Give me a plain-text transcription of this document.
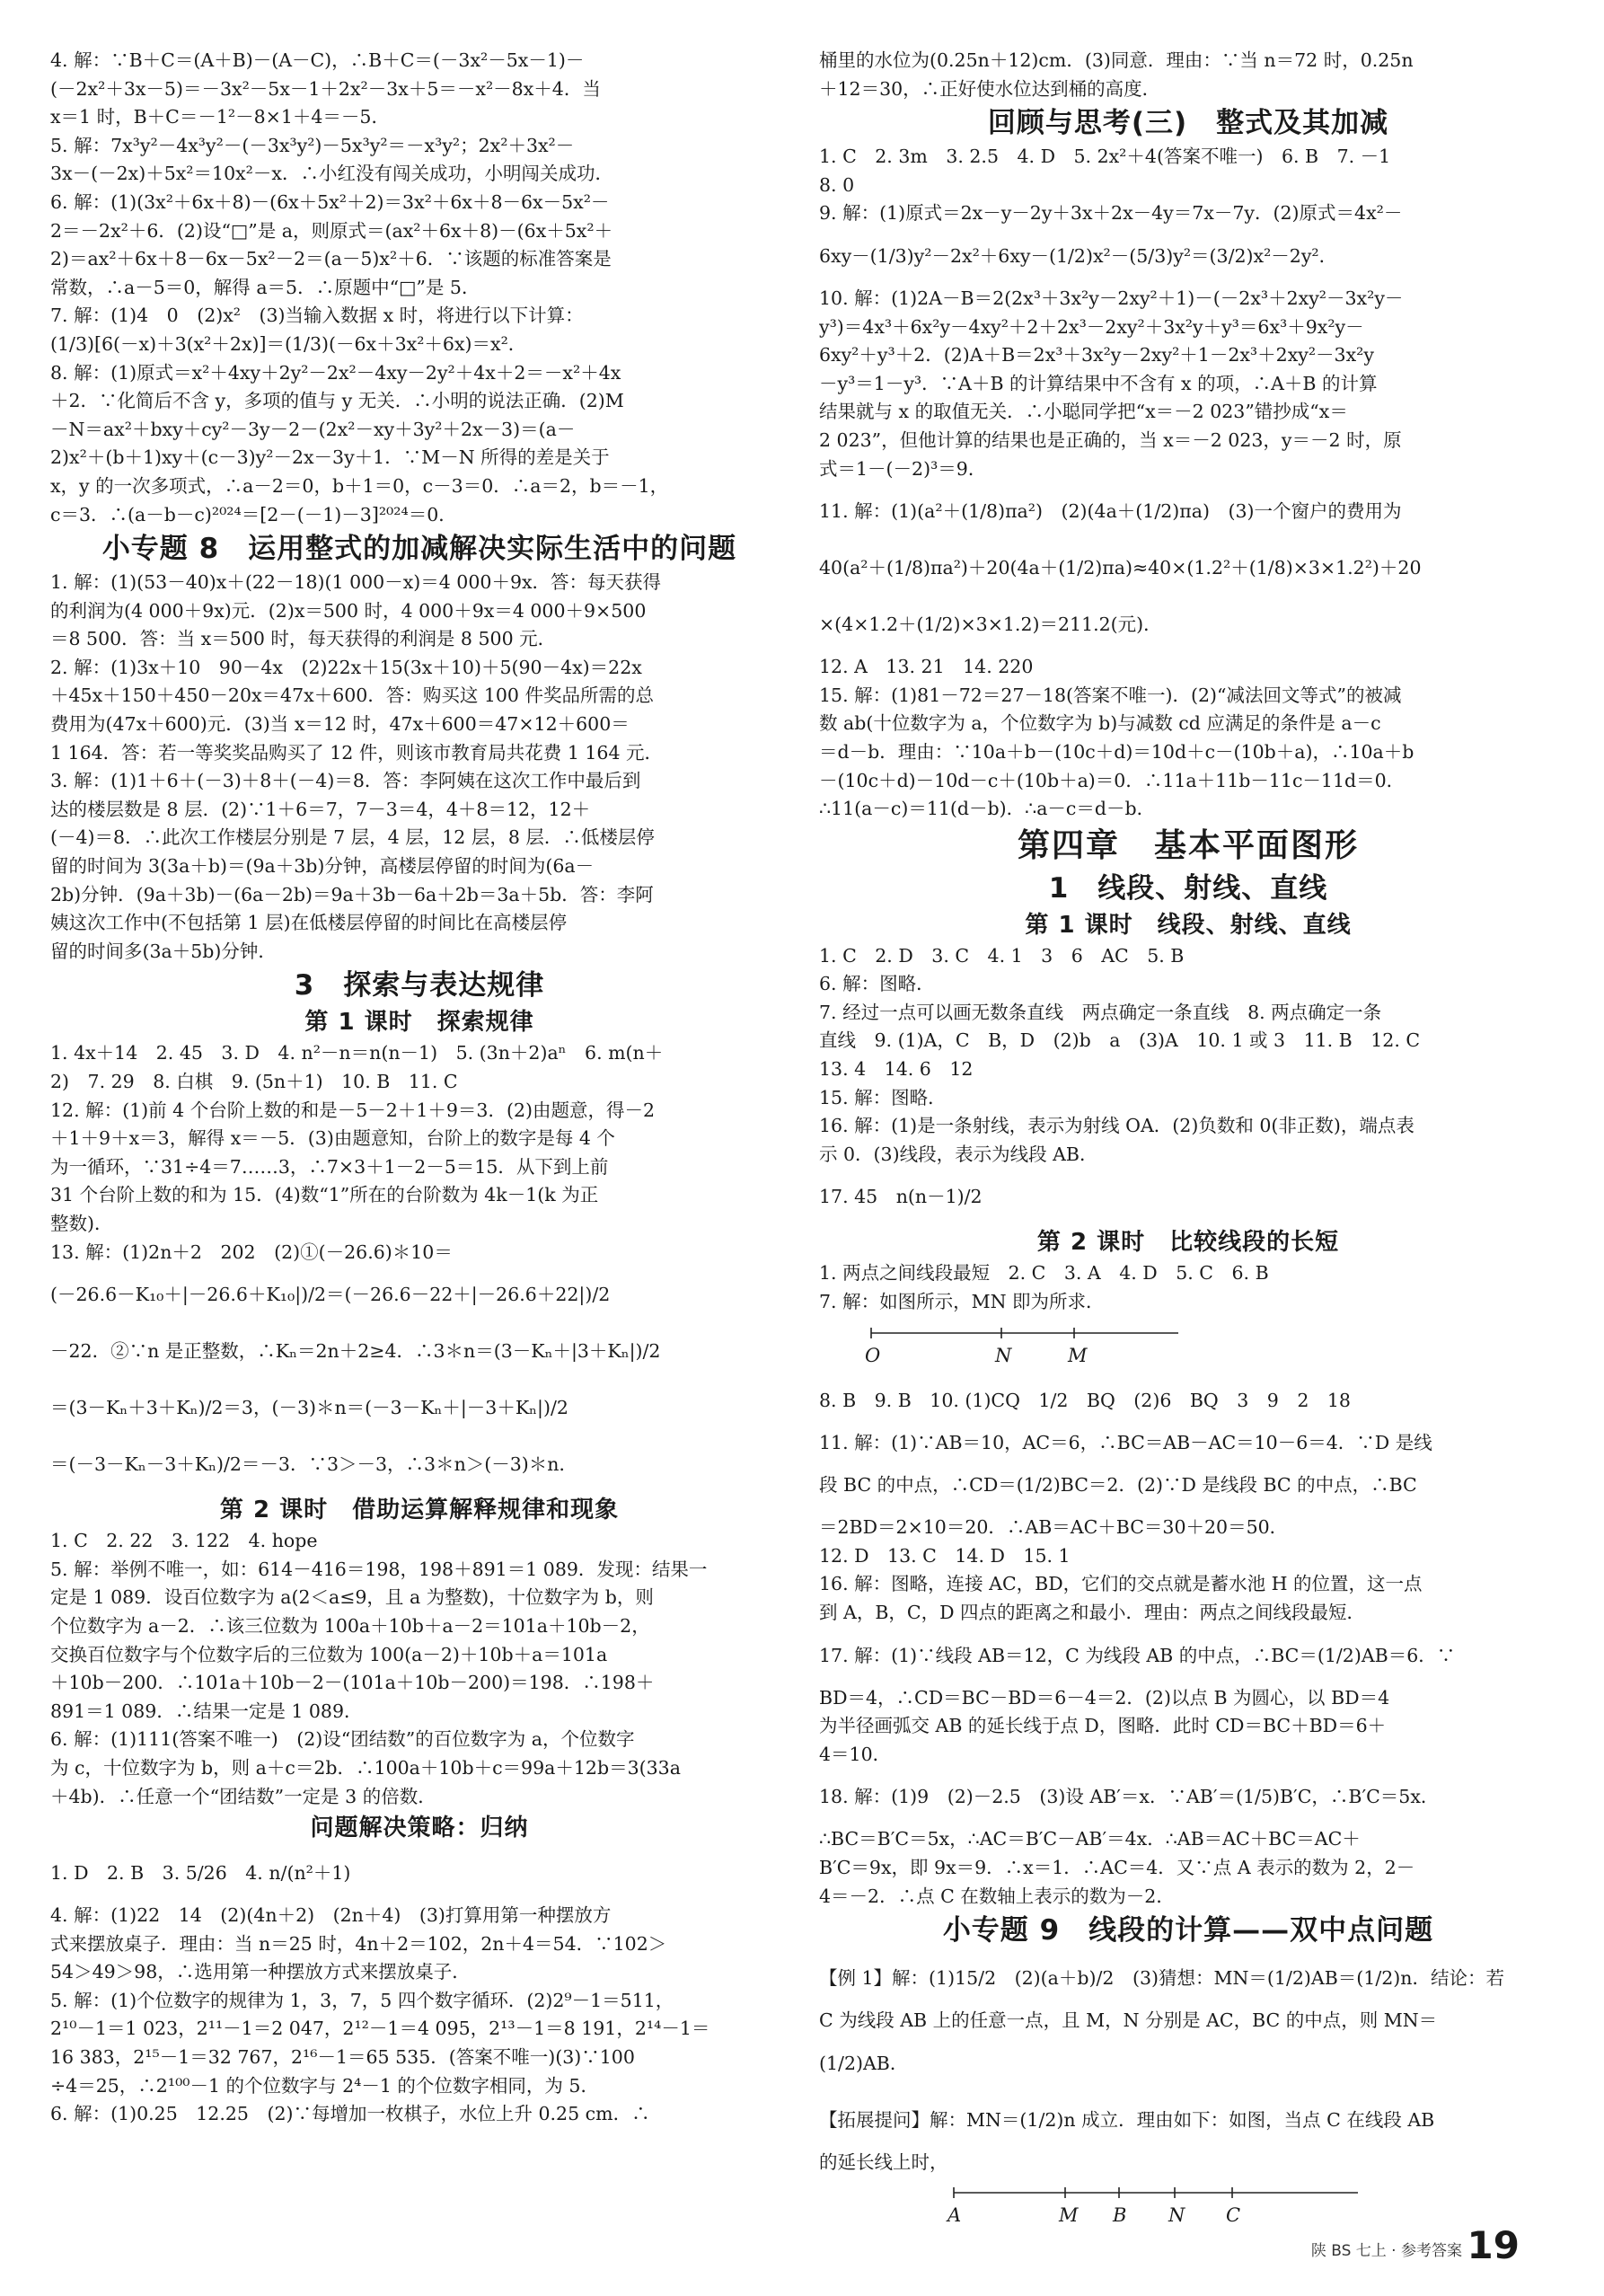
4. 解：∵B＋C＝(A＋B)－(A－C)，∴B＋C＝(－3x²－5x－1)－
(－2x²＋3x－5)＝－3x²－5x－1＋2x²－3x＋5＝－x²－8x＋4．当
x＝1 时，B＋C＝－1²－8×1＋4＝－5．
5. 解：7x³y²－4x³y²－(－3x³y²)－5x³y²＝－x³y²；2x²＋3x²－
3x－(－2x)＋5x²＝10x²－x．∴小红没有闯关成功，小明闯关成功．
6. 解：(1)(3x²＋6x＋8)－(6x＋5x²＋2)＝3x²＋6x＋8－6x－5x²－
2＝－2x²＋6．(2)设“□”是 a，则原式＝(ax²＋6x＋8)－(6x＋5x²＋
2)＝ax²＋6x＋8－6x－5x²－2＝(a－5)x²＋6．∵该题的标准答案是
常数，∴a－5＝0，解得 a＝5．∴原题中“□”是 5．
7. 解：(1)4　0　(2)x²　(3)当输入数据 x 时，将进行以下计算：
(1/3)[6(－x)＋3(x²＋2x)]＝(1/3)(－6x＋3x²＋6x)＝x²．
8. 解：(1)原式＝x²＋4xy＋2y²－2x²－4xy－2y²＋4x＋2＝－x²＋4x
＋2．∵化简后不含 y，多项的值与 y 无关．∴小明的说法正确．(2)M
－N＝ax²＋bxy＋cy²－3y－2－(2x²－xy＋3y²＋2x－3)＝(a－
2)x²＋(b＋1)xy＋(c－3)y²－2x－3y＋1．∵M－N 所得的差是关于
x，y 的一次多项式，∴a－2＝0，b＋1＝0，c－3＝0．∴a＝2，b＝－1，
c＝3．∴(a－b－c)²⁰²⁴＝[2－(－1)－3]²⁰²⁴＝0．
小专题 8　运用整式的加减解决实际生活中的问题
1. 解：(1)(53－40)x＋(22－18)(1 000－x)＝4 000＋9x．答：每天获得
的利润为(4 000＋9x)元．(2)x＝500 时，4 000＋9x＝4 000＋9×500
＝8 500．答：当 x＝500 时，每天获得的利润是 8 500 元．
2. 解：(1)3x＋10　90－4x　(2)22x＋15(3x＋10)＋5(90－4x)＝22x
＋45x＋150＋450－20x＝47x＋600．答：购买这 100 件奖品所需的总
费用为(47x＋600)元．(3)当 x＝12 时，47x＋600＝47×12＋600＝
1 164．答：若一等奖奖品购买了 12 件，则该市教育局共花费 1 164 元．
3. 解：(1)1＋6＋(－3)＋8＋(－4)＝8．答：李阿姨在这次工作中最后到
达的楼层数是 8 层．(2)∵1＋6＝7，7－3＝4，4＋8＝12，12＋
(－4)＝8．∴此次工作楼层分别是 7 层，4 层，12 层，8 层．∴低楼层停
留的时间为 3(3a＋b)＝(9a＋3b)分钟，高楼层停留的时间为(6a－
2b)分钟．(9a＋3b)－(6a－2b)＝9a＋3b－6a＋2b＝3a＋5b．答：李阿
姨这次工作中(不包括第 1 层)在低楼层停留的时间比在高楼层停
留的时间多(3a＋5b)分钟．
3　探索与表达规律
第 1 课时　探索规律
1. 4x＋14　2. 45　3. D　4. n²－n＝n(n－1)　5. (3n＋2)aⁿ　6. m(n＋
2)　7. 29　8. 白棋　9. (5n＋1)　10. B　11. C
12. 解：(1)前 4 个台阶上数的和是－5－2＋1＋9＝3．(2)由题意，得－2
＋1＋9＋x＝3，解得 x＝－5．(3)由题意知，台阶上的数字是每 4 个
为一循环，∵31÷4＝7……3，∴7×3＋1－2－5＝15．从下到上前
31 个台阶上数的和为 15．(4)数“1”所在的台阶数为 4k－1(k 为正
整数)．
13. 解：(1)2n＋2　202　(2)①(－26.6)＊10＝
(－26.6－K₁₀＋|－26.6＋K₁₀|)/2＝(－26.6－22＋|－26.6＋22|)/2
－22．②∵n 是正整数，∴Kₙ＝2n＋2≥4．∴3＊n＝(3－Kₙ＋|3＋Kₙ|)/2
＝(3－Kₙ＋3＋Kₙ)/2＝3，(－3)＊n＝(－3－Kₙ＋|－3＋Kₙ|)/2
＝(－3－Kₙ－3＋Kₙ)/2＝－3．∵3＞－3，∴3＊n＞(－3)＊n．
第 2 课时　借助运算解释规律和现象
1. C　2. 22　3. 122　4. hope
5. 解：举例不唯一，如：614－416＝198，198＋891＝1 089．发现：结果一
定是 1 089．设百位数字为 a(2＜a≤9，且 a 为整数)，十位数字为 b，则
个位数字为 a－2．∴该三位数为 100a＋10b＋a－2＝101a＋10b－2，
交换百位数字与个位数字后的三位数为 100(a－2)＋10b＋a＝101a
＋10b－200．∴101a＋10b－2－(101a＋10b－200)＝198．∴198＋
891＝1 089．∴结果一定是 1 089．
6. 解：(1)111(答案不唯一)　(2)设“团结数”的百位数字为 a，个位数字
为 c，十位数字为 b，则 a＋c＝2b．∴100a＋10b＋c＝99a＋12b＝3(33a
＋4b)．∴任意一个“团结数”一定是 3 的倍数．
问题解决策略：归纳
1. D　2. B　3. 5/26　4. n/(n²＋1)
4. 解：(1)22　14　(2)(4n＋2)　(2n＋4)　(3)打算用第一种摆放方
式来摆放桌子．理由：当 n＝25 时，4n＋2＝102，2n＋4＝54．∵102＞
54＞49＞98，∴选用第一种摆放方式来摆放桌子．
5. 解：(1)个位数字的规律为 1，3，7，5 四个数字循环．(2)2⁹－1＝511，
2¹⁰－1＝1 023，2¹¹－1＝2 047，2¹²－1＝4 095，2¹³－1＝8 191，2¹⁴－1＝
16 383，2¹⁵－1＝32 767，2¹⁶－1＝65 535．(答案不唯一)(3)∵100
÷4＝25，∴2¹⁰⁰－1 的个位数字与 2⁴－1 的个位数字相同，为 5．
6. 解：(1)0.25　12.25　(2)∵每增加一枚棋子，水位上升 0.25 cm．∴
桶里的水位为(0.25n＋12)cm．(3)同意．理由：∵当 n＝72 时，0.25n
＋12＝30，∴正好使水位达到桶的高度．
回顾与思考(三)　整式及其加减
1. C　2. 3m　3. 2.5　4. D　5. 2x²＋4(答案不唯一)　6. B　7. －1
8. 0
9. 解：(1)原式＝2x－y－2y＋3x＋2x－4y＝7x－7y．(2)原式＝4x²－
6xy－(1/3)y²－2x²＋6xy－(1/2)x²－(5/3)y²＝(3/2)x²－2y²．
10. 解：(1)2A－B＝2(2x³＋3x²y－2xy²＋1)－(－2x³＋2xy²－3x²y－
y³)＝4x³＋6x²y－4xy²＋2＋2x³－2xy²＋3x²y＋y³＝6x³＋9x²y－
6xy²＋y³＋2．(2)A＋B＝2x³＋3x²y－2xy²＋1－2x³＋2xy²－3x²y
－y³＝1－y³．∵A＋B 的计算结果中不含有 x 的项，∴A＋B 的计算
结果就与 x 的取值无关．∴小聪同学把“x＝－2 023”错抄成“x＝
2 023”，但他计算的结果也是正确的，当 x＝－2 023，y＝－2 时，原
式＝1－(－2)³＝9．
11. 解：(1)(a²＋(1/8)πa²)　(2)(4a＋(1/2)πa)　(3)一个窗户的费用为
40(a²＋(1/8)πa²)＋20(4a＋(1/2)πa)≈40×(1.2²＋(1/8)×3×1.2²)＋20
×(4×1.2＋(1/2)×3×1.2)＝211.2(元)．
12. A　13. 21　14. 220
15. 解：(1)81－72＝27－18(答案不唯一)．(2)“减法回文等式”的被减
数 ab(十位数字为 a，个位数字为 b)与减数 cd 应满足的条件是 a－c
＝d－b．理由：∵10a＋b－(10c＋d)＝10d＋c－(10b＋a)，∴10a＋b
－(10c＋d)－10d－c＋(10b＋a)＝0．∴11a＋11b－11c－11d＝0．
∴11(a－c)＝11(d－b)．∴a－c＝d－b．
第四章　基本平面图形
1　线段、射线、直线
第 1 课时　线段、射线、直线
1. C　2. D　3. C　4. 1　3　6　AC　5. B
6. 解：图略．
7. 经过一点可以画无数条直线　两点确定一条直线　8. 两点确定一条
直线　9. (1)A，C　B，D　(2)b　a　(3)A　10. 1 或 3　11. B　12. C
13. 4　14. 6　12
15. 解：图略．
16. 解：(1)是一条射线，表示为射线 OA．(2)负数和 0(非正数)，端点表
示 0．(3)线段，表示为线段 AB．
17. 45　n(n－1)/2
第 2 课时　比较线段的长短
1. 两点之间线段最短　2. C　3. A　4. D　5. C　6. B
7. 解：如图所示，MN 即为所求．
O	N	M
8. B　9. B　10. (1)CQ　1/2　BQ　(2)6　BQ　3　9　2　18
11. 解：(1)∵AB＝10，AC＝6，∴BC＝AB－AC＝10－6＝4．∵D 是线
段 BC 的中点，∴CD＝(1/2)BC＝2．(2)∵D 是线段 BC 的中点，∴BC
＝2BD＝2×10＝20．∴AB＝AC＋BC＝30＋20＝50．
12. D　13. C　14. D　15. 1
16. 解：图略，连接 AC，BD，它们的交点就是蓄水池 H 的位置，这一点
到 A，B，C，D 四点的距离之和最小．理由：两点之间线段最短．
17. 解：(1)∵线段 AB＝12，C 为线段 AB 的中点，∴BC＝(1/2)AB＝6．∵
BD＝4，∴CD＝BC－BD＝6－4＝2．(2)以点 B 为圆心，以 BD＝4
为半径画弧交 AB 的延长线于点 D，图略．此时 CD＝BC＋BD＝6＋
4＝10．
18. 解：(1)9　(2)－2.5　(3)设 AB′＝x．∵AB′＝(1/5)B′C，∴B′C＝5x．
∴BC＝B′C＝5x，∴AC＝B′C－AB′＝4x．∴AB＝AC＋BC＝AC＋
B′C＝9x，即 9x＝9．∴x＝1．∴AC＝4．又∵点 A 表示的数为 2，2－
4＝－2．∴点 C 在数轴上表示的数为－2．
小专题 9　线段的计算——双中点问题
【例 1】解：(1)15/2　(2)(a＋b)/2　(3)猜想：MN＝(1/2)AB＝(1/2)n．结论：若
C 为线段 AB 上的任意一点，且 M，N 分别是 AC，BC 的中点，则 MN＝
(1/2)AB．
【拓展提问】解：MN＝(1/2)n 成立．理由如下：如图，当点 C 在线段 AB
的延长线上时，
A	M B N C
陕 BS 七上 · 参考答案 19
